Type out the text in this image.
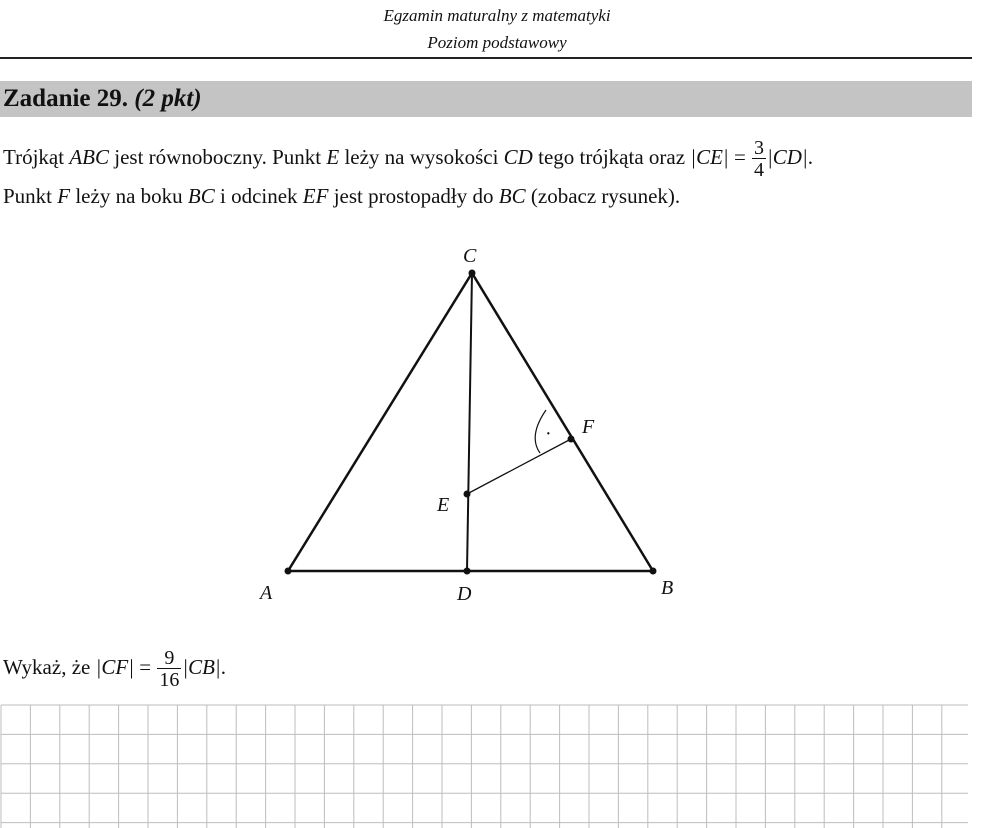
Egzamin maturalny z matematyki
Poziom podstawowy
Zadanie 29. (2 pkt)
Trójkąt ABC jest równoboczny. Punkt E leży na wysokości CD tego trójkąta oraz $|CE| = \frac{3}{4} |CD|$.
Punkt F leży na boku BC i odcinek EF jest prostopadły do BC (zobacz rysunek).
·
C
A	B
D
E
F
Wykaż, że $|CF| = \frac{9}{16} |CB|$.
